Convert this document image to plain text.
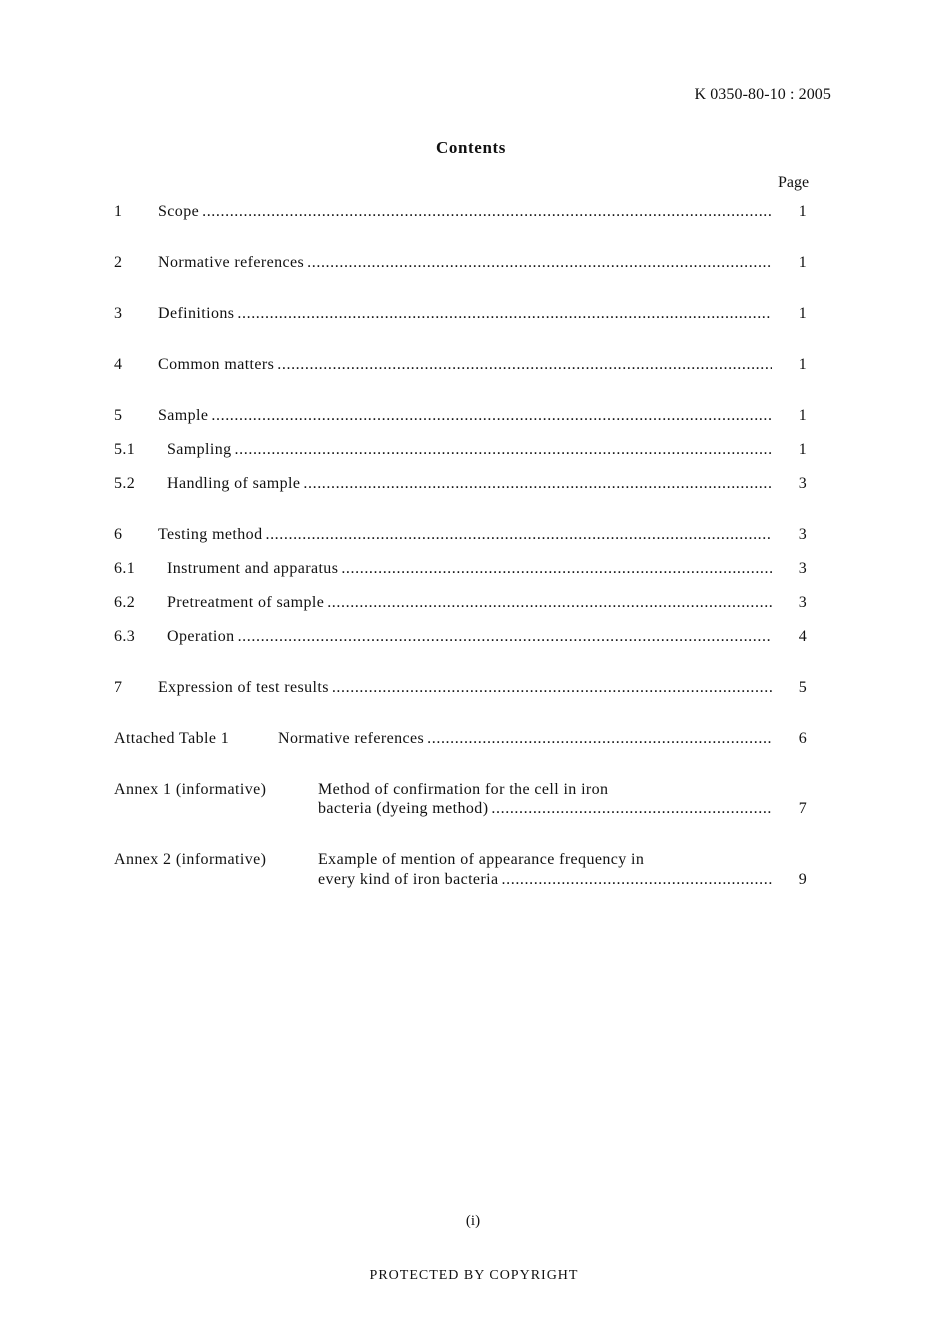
K 0350-80-10 : 2005
Contents
Page
1 Scope .....	1
2 Normative references .....	1
3 Definitions .....	1
4 Common matters .....	1
5 Sample .....	1
5.1 Sampling .....	1
5.2 Handling of sample .....	3
6 Testing method .....	3
6.1 Instrument and apparatus .....	3
6.2 Pretreatment of sample .....	3
6.3 Operation .....	4
7 Expression of test results .....	5
Attached Table 1	Normative references .....	6
Annex 1 (informative)	Method of confirmation for the cell in iron
bacteria (dyeing method) .....	7
Annex 2 (informative)	Example of mention of appearance frequency in
every kind of iron bacteria .....	9
(i)
PROTECTED BY COPYRIGHT
